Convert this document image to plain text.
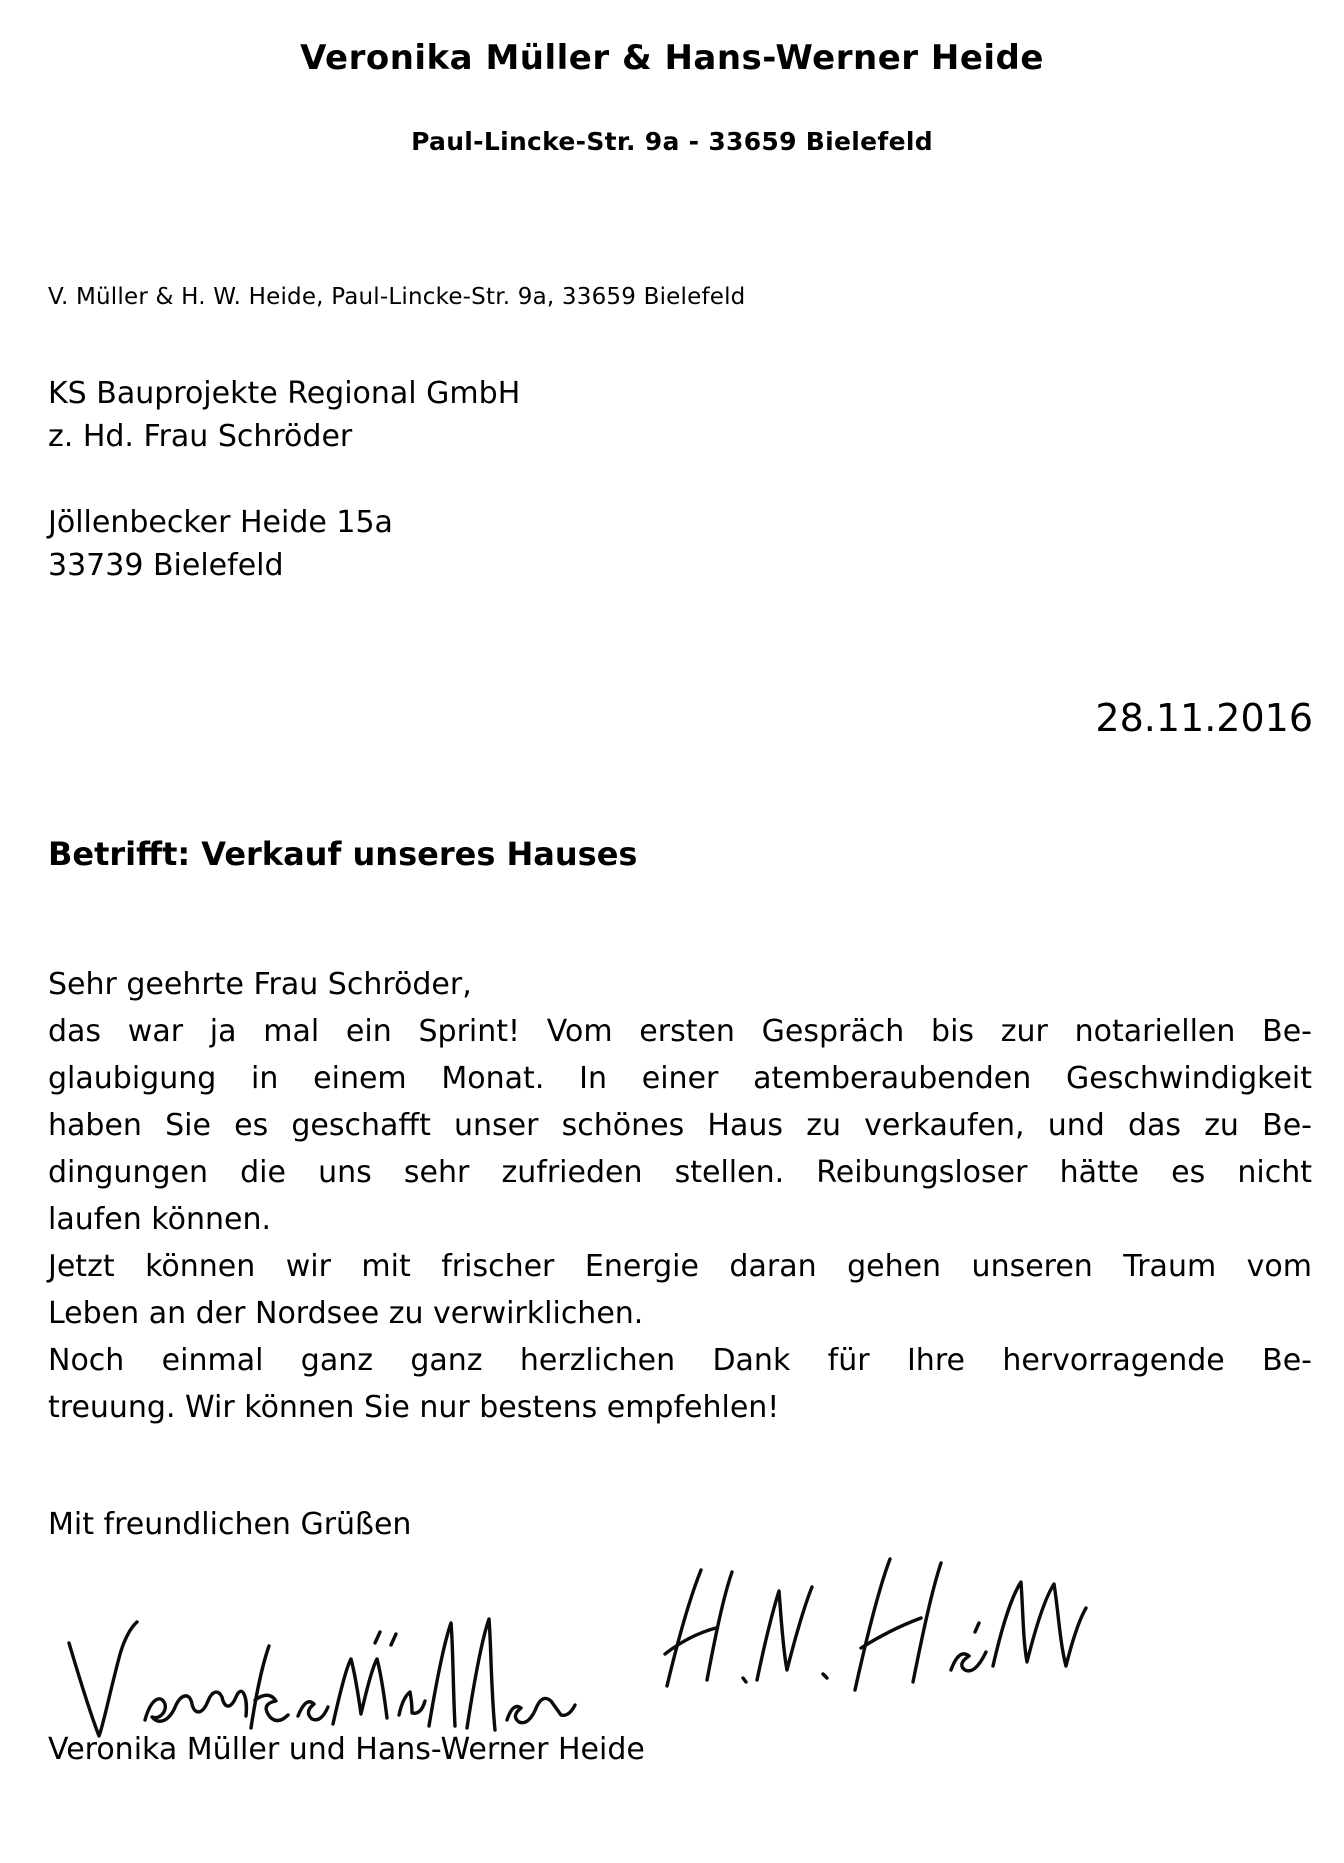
Veronika Müller & Hans-Werner Heide
Paul-Lincke-Str. 9a - 33659 Bielefeld
V. Müller & H. W. Heide, Paul-Lincke-Str. 9a, 33659 Bielefeld
KS Bauprojekte Regional GmbH
z. Hd. Frau Schröder
Jöllenbecker Heide 15a
33739 Bielefeld
28.11.2016
Betrifft: Verkauf unseres Hauses
Sehr geehrte Frau Schröder,
das war ja mal ein Sprint! Vom ersten Gespräch bis zur notariellen Be-
glaubigung in einem Monat. In einer atemberaubenden Geschwindigkeit
haben Sie es geschafft unser schönes Haus zu verkaufen, und das zu Be-
dingungen die uns sehr zufrieden stellen. Reibungsloser hätte es nicht
laufen können.
Jetzt können wir mit frischer Energie daran gehen unseren Traum vom
Leben an der Nordsee zu verwirklichen.
Noch einmal ganz ganz herzlichen Dank für Ihre hervorragende Be-
treuung. Wir können Sie nur bestens empfehlen!
Mit freundlichen Grüßen
Veronika Müller und Hans-Werner Heide
